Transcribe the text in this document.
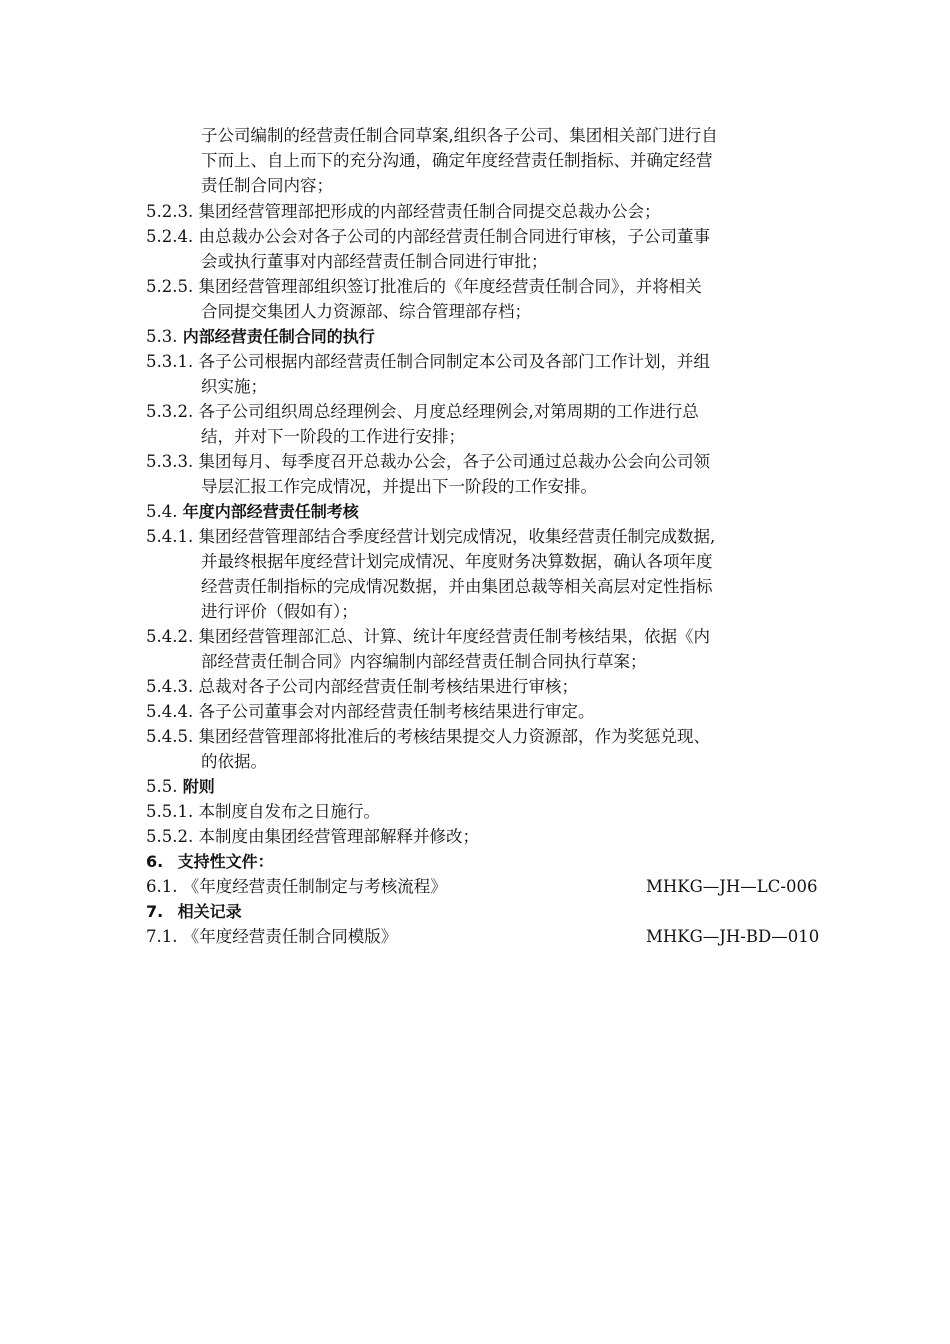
子公司编制的经营责任制合同草案,组织各子公司、集团相关部门进行自
下而上、自上而下的充分沟通，确定年度经营责任制指标、并确定经营
责任制合同内容；
5.2.3. 集团经营管理部把形成的内部经营责任制合同提交总裁办公会；
5.2.4. 由总裁办公会对各子公司的内部经营责任制合同进行审核，子公司董事
会或执行董事对内部经营责任制合同进行审批；
5.2.5. 集团经营管理部组织签订批准后的《年度经营责任制合同》，并将相关
合同提交集团人力资源部、综合管理部存档；
5.3. 内部经营责任制合同的执行
5.3.1. 各子公司根据内部经营责任制合同制定本公司及各部门工作计划，并组
织实施；
5.3.2. 各子公司组织周总经理例会、月度总经理例会,对第周期的工作进行总
结，并对下一阶段的工作进行安排；
5.3.3. 集团每月、每季度召开总裁办公会，各子公司通过总裁办公会向公司领
导层汇报工作完成情况，并提出下一阶段的工作安排。
5.4. 年度内部经营责任制考核
5.4.1. 集团经营管理部结合季度经营计划完成情况，收集经营责任制完成数据,
并最终根据年度经营计划完成情况、年度财务决算数据，确认各项年度
经营责任制指标的完成情况数据，并由集团总裁等相关高层对定性指标
进行评价（假如有）；
5.4.2. 集团经营管理部汇总、计算、统计年度经营责任制考核结果，依据《内
部经营责任制合同》内容编制内部经营责任制合同执行草案；
5.4.3. 总裁对各子公司内部经营责任制考核结果进行审核；
5.4.4. 各子公司董事会对内部经营责任制考核结果进行审定。
5.4.5. 集团经营管理部将批准后的考核结果提交人力资源部，作为奖惩兑现、
的依据。
5.5. 附则
5.5.1. 本制度自发布之日施行。
5.5.2. 本制度由集团经营管理部解释并修改；
6. 支持性文件：
6.1. 《年度经营责任制制定与考核流程》	MHKG—JH—LC-006
7. 相关记录
7.1. 《年度经营责任制合同模版》	MHKG—JH-BD—010
